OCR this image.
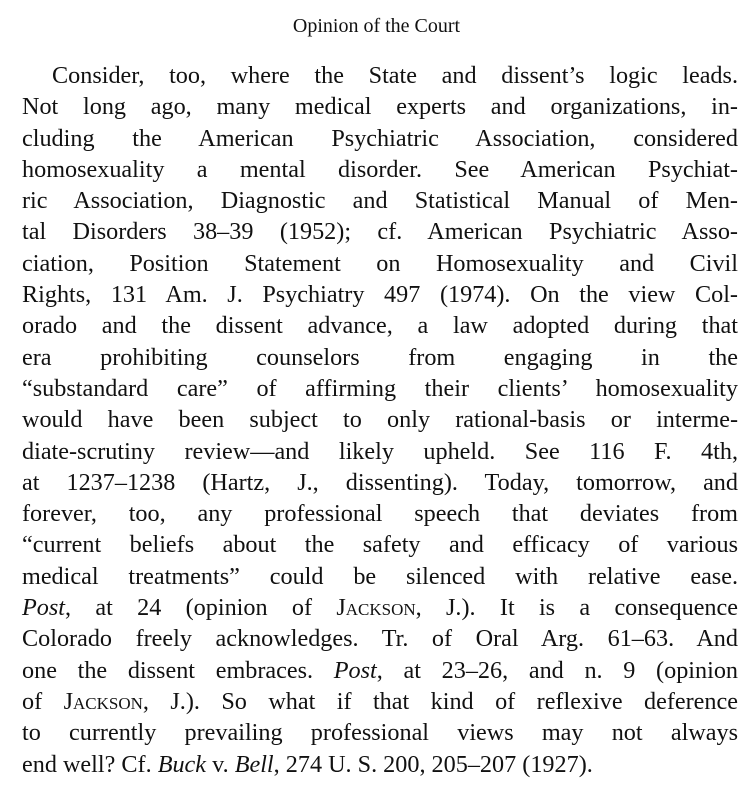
Opinion of the Court
Consider, too, where the State and dissent’s logic leads.
Not long ago, many medical experts and organizations, in-
cluding the American Psychiatric Association, considered
homosexuality a mental disorder. See American Psychiat-
ric Association, Diagnostic and Statistical Manual of Men-
tal Disorders 38–39 (1952); cf. American Psychiatric Asso-
ciation, Position Statement on Homosexuality and Civil
Rights, 131 Am. J. Psychiatry 497 (1974). On the view Col-
orado and the dissent advance, a law adopted during that
era prohibiting counselors from engaging in the
“substandard care” of affirming their clients’ homosexuality
would have been subject to only rational-basis or interme-
diate-scrutiny review—and likely upheld. See 116 F. 4th,
at 1237–1238 (Hartz, J., dissenting). Today, tomorrow, and
forever, too, any professional speech that deviates from
“current beliefs about the safety and efficacy of various
medical treatments” could be silenced with relative ease.
Post, at 24 (opinion of Jackson, J.). It is a consequence
Colorado freely acknowledges. Tr. of Oral Arg. 61–63. And
one the dissent embraces. Post, at 23–26, and n. 9 (opinion
of Jackson, J.). So what if that kind of reflexive deference
to currently prevailing professional views may not always
end well? Cf. Buck v. Bell, 274 U. S. 200, 205–207 (1927).
